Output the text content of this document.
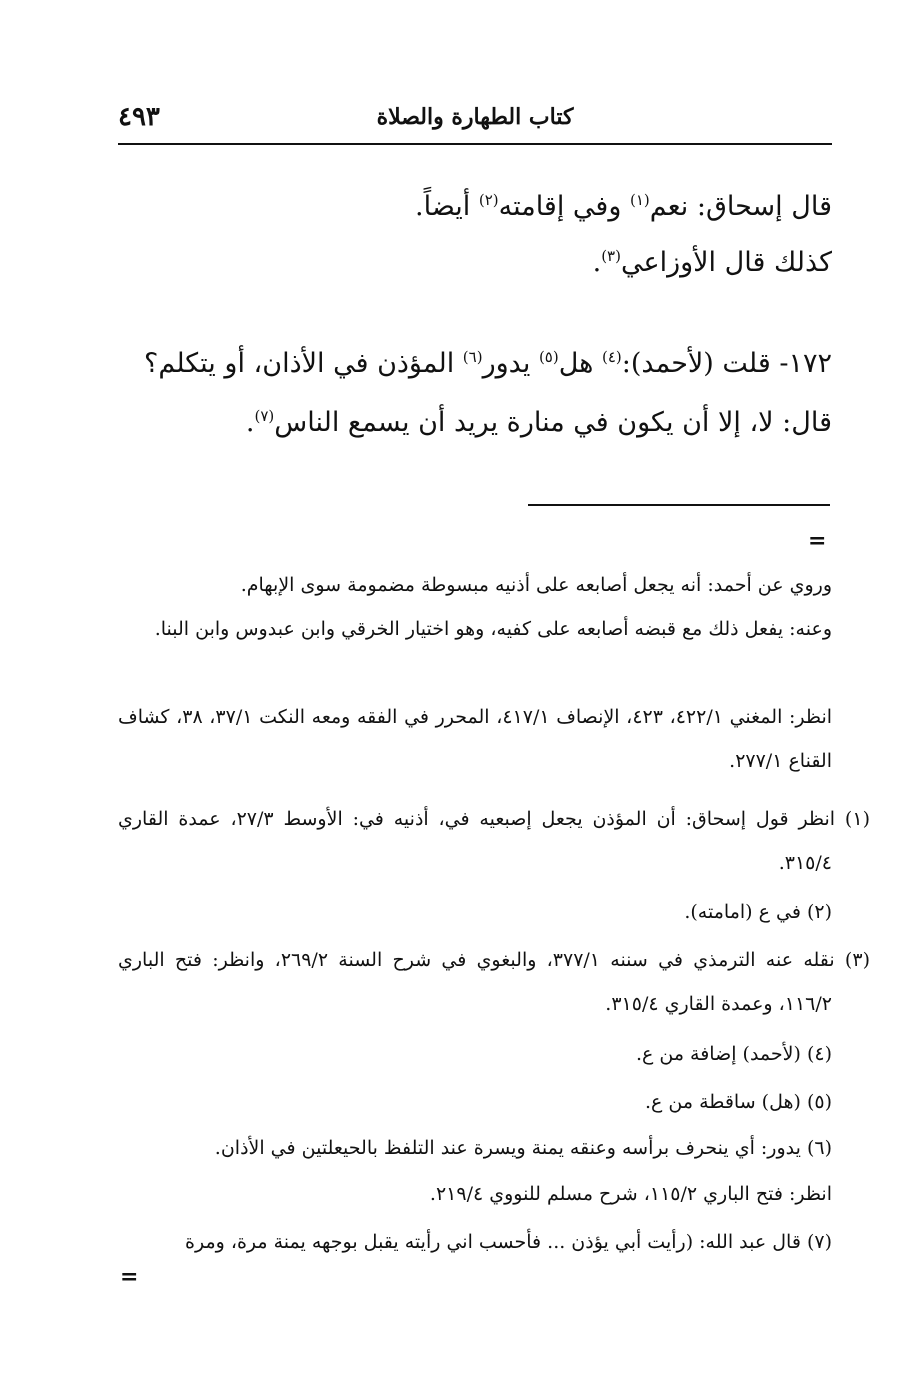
٤٩٣	كتاب الطهارة والصلاة
قال إسحاق: نعم$^{(١)}$ وفي إقامته$^{(٢)}$ أيضاً.
كذلك قال الأوزاعي$^{(٣)}$.
١٧٢- قلت (لأحمد):$^{(٤)}$ هل$^{(٥)}$ يدور$^{(٦)}$ المؤذن في الأذان، أو يتكلم؟
قال: لا، إلا أن يكون في منارة يريد أن يسمع الناس$^{(٧)}$.
=
وروي عن أحمد: أنه يجعل أصابعه على أذنيه مبسوطة مضمومة سوى الإبهام.
وعنه: يفعل ذلك مع قبضه أصابعه على كفيه، وهو اختيار الخرقي وابن عبدوس وابن البنا.
انظر: المغني ٤٢٢/١، ٤٢٣، الإنصاف ٤١٧/١، المحرر في الفقه ومعه النكت ٣٧/١، ٣٨، كشاف القناع ٢٧٧/١.
(١) انظر قول إسحاق: أن المؤذن يجعل إصبعيه في، أذنيه في: الأوسط ٢٧/٣، عمدة القاري ٣١٥/٤.
(٢) في ع (امامته).
(٣) نقله عنه الترمذي في سننه ٣٧٧/١، والبغوي في شرح السنة ٢٦٩/٢، وانظر: فتح الباري ١١٦/٢، وعمدة القاري ٣١٥/٤.
(٤) (لأحمد) إضافة من ع.
(٥) (هل) ساقطة من ع.
(٦) يدور: أي ينحرف برأسه وعنقه يمنة ويسرة عند التلفظ بالحيعلتين في الأذان.
انظر: فتح الباري ١١٥/٢، شرح مسلم للنووي ٢١٩/٤.
(٧) قال عبد الله: (رأيت أبي يؤذن ... فأحسب اني رأيته يقبل بوجهه يمنة مرة، ومرة
=
